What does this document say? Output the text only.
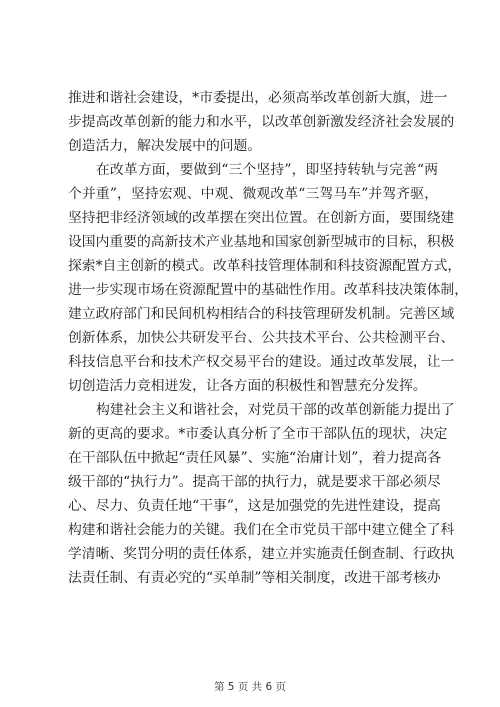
推进和谐社会建设，*市委提出，必须高举改革创新大旗，进一
步提高改革创新的能力和水平，以改革创新激发经济社会发展的
创造活力，解决发展中的问题。
在改革方面，要做到“三个坚持”，即坚持转轨与完善“两
个并重”，坚持宏观、中观、微观改革“三驾马车”并驾齐驱，
坚持把非经济领域的改革摆在突出位置。在创新方面，要围绕建
设国内重要的高新技术产业基地和国家创新型城市的目标，积极
探索*自主创新的模式。改革科技管理体制和科技资源配置方式，
进一步实现市场在资源配置中的基础性作用。改革科技决策体制，
建立政府部门和民间机构相结合的科技管理研发机制。完善区域
创新体系，加快公共研发平台、公共技术平台、公共检测平台、
科技信息平台和技术产权交易平台的建设。通过改革发展，让一
切创造活力竞相迸发，让各方面的积极性和智慧充分发挥。
构建社会主义和谐社会，对党员干部的改革创新能力提出了
新的更高的要求。*市委认真分析了全市干部队伍的现状，决定
在干部队伍中掀起“责任风暴”、实施“治庸计划”，着力提高各
级干部的“执行力”。提高干部的执行力，就是要求干部必须尽
心、尽力、负责任地“干事”，这是加强党的先进性建设，提高
构建和谐社会能力的关键。我们在全市党员干部中建立健全了科
学清晰、奖罚分明的责任体系，建立并实施责任倒查制、行政执
法责任制、有责必究的“买单制”等相关制度，改进干部考核办
第 5 页 共 6 页
